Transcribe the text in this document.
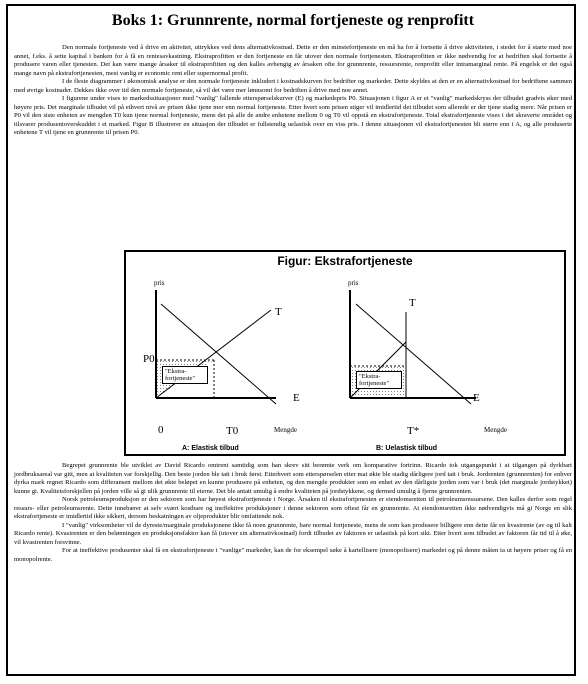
Boks 1: Grunnrente, normal fortjeneste og renprofitt

Den normale fortjeneste ved å drive en aktivitet, uttrykkes ved dens alternativkostnad. Dette er den minstefortjeneste en må ha for å fortsette å drive aktiviteten, i stedet for å starte med noe annet, f.eks. å sette kapital i banken for å få en rentesavkastning. Ekstraprofitten er den fortjeneste en får utover den normale fortjenesten. Ekstraprofitten er ikke nødvendig for at bedriften skal fortsette å produsere varen eller tjenesten. Det kan være mange årsaker til ekstraprofitten og den kalles avhengig av årsaken ofte for grunnrente, ressursrente, renprofitt eller intramarginal rente. På engelsk er det også mange navn på ekstrafortjenesten, mest vanlig er economic rent eller supernormal profit.

I de fleste diagrammer i økonomisk analyse er den normale fortjeneste inkludert i kostnadskurven for bedrifter og markeder. Dette skyldes at den er en alternativkostnad for bedriftene sammen med øvrige kostnader. Dekkes ikke over tid den normale fortjeneste, så vil det være mer lønnsomt for bedriften å drive med noe annet.

I figurene under vises to markedssituasjoner med "vanlig" fallende etterspørselskurver (E) og markedspris P0. Situasjonen i figur A er et "vanlig" markedskryss der tilbudet gradvis øker med høyere pris. Det marginale tilbudet vil på ethvert nivå av prisen ikke tjene mer enn normal fortjeneste. Etter hvert som prisen stiger vil imidlertid det tilbudet som allerede er der tjene stadig mere. Når prisen er P0 vil den siste enheten av mengden T0 kun tjene normal fortjeneste, mens det på alle de andre enhetene mellom 0 og T0 vil oppstå en ekstrafortjeneste. Total ekstrafortjeneste vises i det skraverte området og tilsvarer produsentoverskuddet i et marked. Figur B illustrerer en situasjon der tilbudet er fullstendig uelastisk over en viss pris. I denne situasjonen vil ekstrafortjenesten bli større enn i A, og alle produserte enhetene T vil tjene en grunnrente til prisen P0.

Figur: Ekstrafortjeneste
pris
T
E
P0
0	T0	Mengde
"Ekstra-fortjeneste"
A: Elastisk tilbud
pris
T
E
T*	Mengde
"Ekstra-fortjeneste"
B: Uelastisk tilbud

Begrepet grunnrente ble utviklet av David Ricardo omtrent samtidig som han skrev sitt berømte verk om komparative fortrinn. Ricardo tok utgangspunkt i at tilgangen på dyrkbart jordbruksareal var gitt, men at kvaliteten var forskjellig. Den beste jorden ble tatt i bruk først. Etterhvert som etterspørselen etter mat økte ble stadig dårligere jord tatt i bruk. Jordrenten (grunnrenten) for enhver dyrka mark regnet Ricardo som differansen mellom det økte beløpet en kunne produsere på enheten, og den mengde produkter som en enhet av den dårligste jorden som var i bruk (det marginale jordstykket) kunne gi. Kvalitetsforskjellen på jorden ville så gi ulik grunnrente til eierne. Det ble antatt umulig å endre kvaliteten på jordstykkene, og dermed umulig å fjerne grunnrenten.

Norsk petroleumsproduksjon er den sektoren som har høyest ekstrafortjeneste i Norge. Årsaken til ekstrafortjenesten er eiendomsretten til petroleumsressursene. Den kalles derfor som regel ressurs- eller petroleumsrente. Dette innebærer at selv svært kostbare og ineffektive produksjoner i denne sektoren som oftest får en grunnrente. At eiendomsretten ikke nødvendigvis må gi Norge en slik ekstrafortjeneste er imidlertid ikke sikkert, dersom beskatningen av oljeprodukter blir omfattende nok.

I "vanlig" virksomheter vil de dyreste/marginale produksjonene ikke få noen grunnrente, bare normal fortjeneste, mens de som kan produsere billigere enn dette får en kvasirente (av og til kalt Ricardo rente). Kvasirenten er den belønningen en produksjonsfaktor kan få (utover sin alternativkostnad) fordi tilbudet av faktoren er uelastisk på kort sikt. Etter hvert som tilbudet av faktoren får tid til å øke, vil kvasirenten forsvinne.

For at ineffektive produsenter skal få en ekstrafortjeneste i "vanlige" markeder, kan de for eksempel søke å kartellisere (monopolisere) markedet og på denne måten ta ut høyere priser og få en monopolrente.
